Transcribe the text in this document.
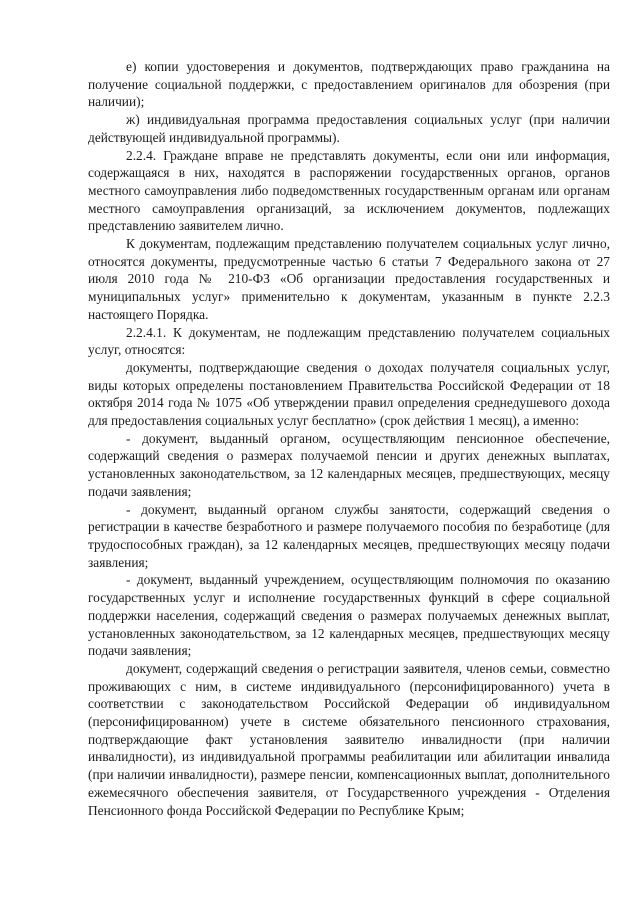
е) копии удостоверения и документов, подтверждающих право гражданина на получение социальной поддержки, с предоставлением оригиналов для обозрения (при наличии);

ж) индивидуальная программа предоставления социальных услуг (при наличии действующей индивидуальной программы).

2.2.4. Граждане вправе не представлять документы, если они или информация, содержащаяся в них, находятся в распоряжении государственных органов, органов местного самоуправления либо подведомственных государственным органам или органам местного самоуправления организаций, за исключением документов, подлежащих представлению заявителем лично.

К документам, подлежащим представлению получателем социальных услуг лично, относятся документы, предусмотренные частью 6 статьи 7 Федерального закона от 27 июля 2010 года № 210-ФЗ «Об организации предоставления государственных и муниципальных услуг» применительно к документам, указанным в пункте 2.2.3 настоящего Порядка.

2.2.4.1. К документам, не подлежащим представлению получателем социальных услуг, относятся:

документы, подтверждающие сведения о доходах получателя социальных услуг, виды которых определены постановлением Правительства Российской Федерации от 18 октября 2014 года № 1075 «Об утверждении правил определения среднедушевого дохода для предоставления социальных услуг бесплатно» (срок действия 1 месяц), а именно:

- документ, выданный органом, осуществляющим пенсионное обеспечение, содержащий сведения о размерах получаемой пенсии и других денежных выплатах, установленных законодательством, за 12 календарных месяцев, предшествующих, месяцу подачи заявления;

- документ, выданный органом службы занятости, содержащий сведения о регистрации в качестве безработного и размере получаемого пособия по безработице (для трудоспособных граждан), за 12 календарных месяцев, предшествующих месяцу подачи заявления;

- документ, выданный учреждением, осуществляющим полномочия по оказанию государственных услуг и исполнение государственных функций в сфере социальной поддержки населения, содержащий сведения о размерах получаемых денежных выплат, установленных законодательством, за 12 календарных месяцев, предшествующих месяцу подачи заявления;

документ, содержащий сведения о регистрации заявителя, членов семьи, совместно проживающих с ним, в системе индивидуального (персонифицированного) учета в соответствии с законодательством Российской Федерации об индивидуальном (персонифицированном) учете в системе обязательного пенсионного страхования, подтверждающие факт установления заявителю инвалидности (при наличии инвалидности), из индивидуальной программы реабилитации или абилитации инвалида (при наличии инвалидности), размере пенсии, компенсационных выплат, дополнительного ежемесячного обеспечения заявителя, от Государственного учреждения - Отделения Пенсионного фонда Российской Федерации по Республике Крым;
